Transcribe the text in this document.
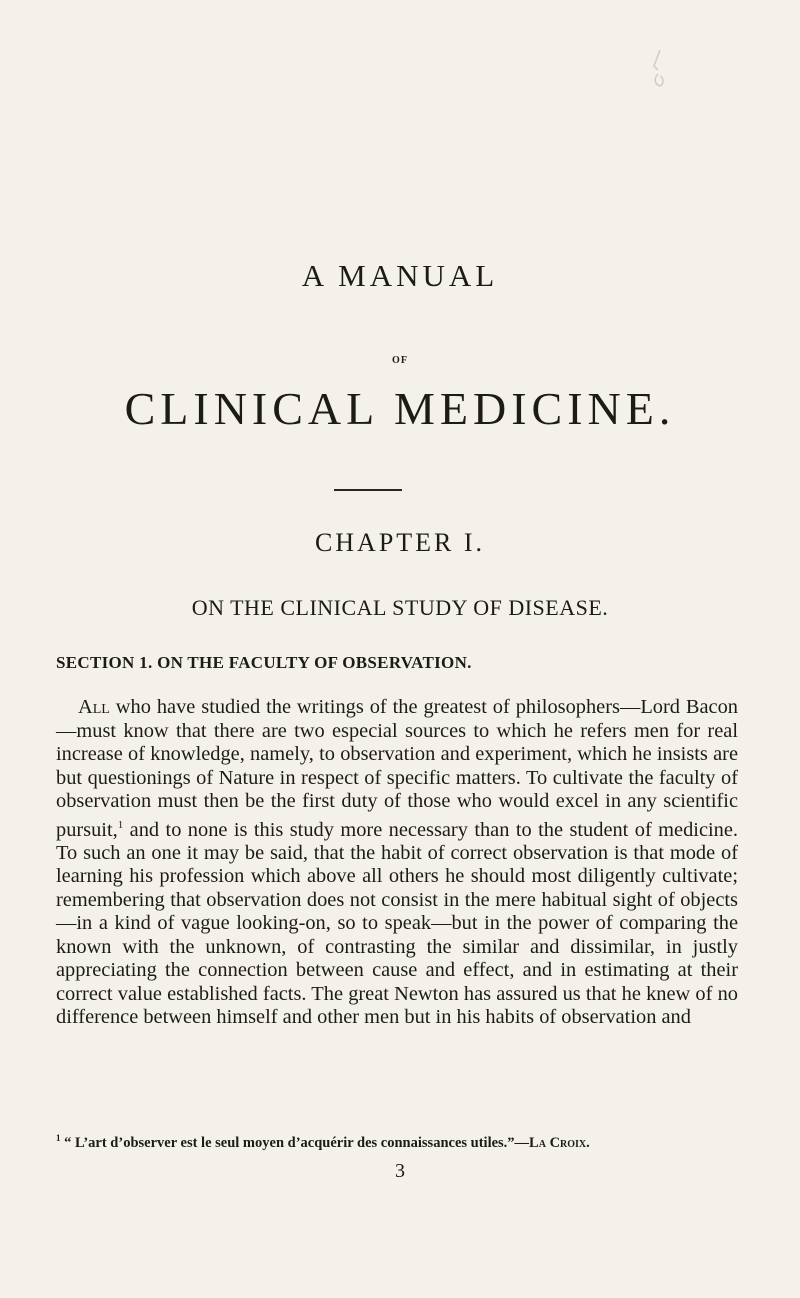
A MANUAL
OF
CLINICAL MEDICINE.
CHAPTER I.
ON THE CLINICAL STUDY OF DISEASE.
SECTION 1. ON THE FACULTY OF OBSERVATION.

All who have studied the writings of the greatest of philosophers—Lord Bacon—must know that there are two especial sources to which he refers men for real increase of knowledge, namely, to observation and experiment, which he insists are but questionings of Nature in respect of specific matters. To cultivate the faculty of observation must then be the first duty of those who would excel in any scientific pursuit,$^1$ and to none is this study more necessary than to the student of medicine. To such an one it may be said, that the habit of correct observation is that mode of learning his profession which above all others he should most diligently cultivate; remembering that observation does not consist in the mere habitual sight of objects—in a kind of vague looking-on, so to speak—but in the power of comparing the known with the unknown, of contrasting the similar and dissimilar, in justly appreciating the connection between cause and effect, and in estimating at their correct value established facts. The great Newton has assured us that he knew of no difference between himself and other men but in his habits of observation and

$^1$ “ L’art d’observer est le seul moyen d’acquérir des connaissances utiles.”—La Croix.

3
